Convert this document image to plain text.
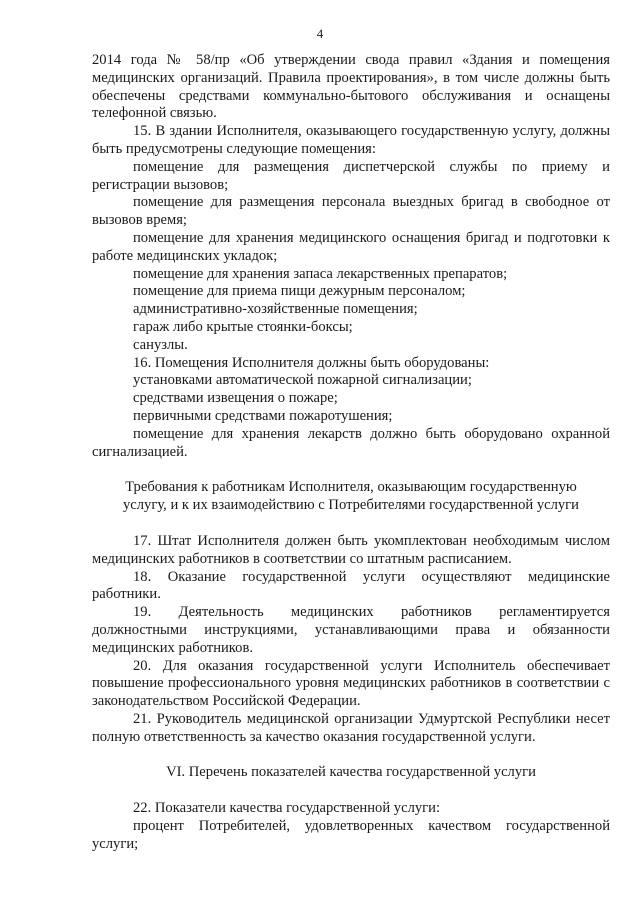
4

2014 года № 58/пр «Об утверждении свода правил «Здания и помещения медицинских организаций. Правила проектирования», в том числе должны быть обеспечены средствами коммунально-бытового обслуживания и оснащены телефонной связью.

15. В здании Исполнителя, оказывающего государственную услугу, должны быть предусмотрены следующие помещения:

помещение для размещения диспетчерской службы по приему и регистрации вызовов;

помещение для размещения персонала выездных бригад в свободное от вызовов время;

помещение для хранения медицинского оснащения бригад и подготовки к работе медицинских укладок;

помещение для хранения запаса лекарственных препаратов;

помещение для приема пищи дежурным персоналом;

административно-хозяйственные помещения;

гараж либо крытые стоянки-боксы;

санузлы.

16. Помещения Исполнителя должны быть оборудованы:

установками автоматической пожарной сигнализации;

средствами извещения о пожаре;

первичными средствами пожаротушения;

помещение для хранения лекарств должно быть оборудовано охранной сигнализацией.

Требования к работникам Исполнителя, оказывающим государственную услугу, и к их взаимодействию с Потребителями государственной услуги

17. Штат Исполнителя должен быть укомплектован необходимым числом медицинских работников в соответствии со штатным расписанием.

18. Оказание государственной услуги осуществляют медицинские работники.

19. Деятельность медицинских работников регламентируется должностными инструкциями, устанавливающими права и обязанности медицинских работников.

20. Для оказания государственной услуги Исполнитель обеспечивает повышение профессионального уровня медицинских работников в соответствии с законодательством Российской Федерации.

21. Руководитель медицинской организации Удмуртской Республики несет полную ответственность за качество оказания государственной услуги.

VI. Перечень показателей качества государственной услуги

22. Показатели качества государственной услуги:

процент Потребителей, удовлетворенных качеством государственной услуги;
